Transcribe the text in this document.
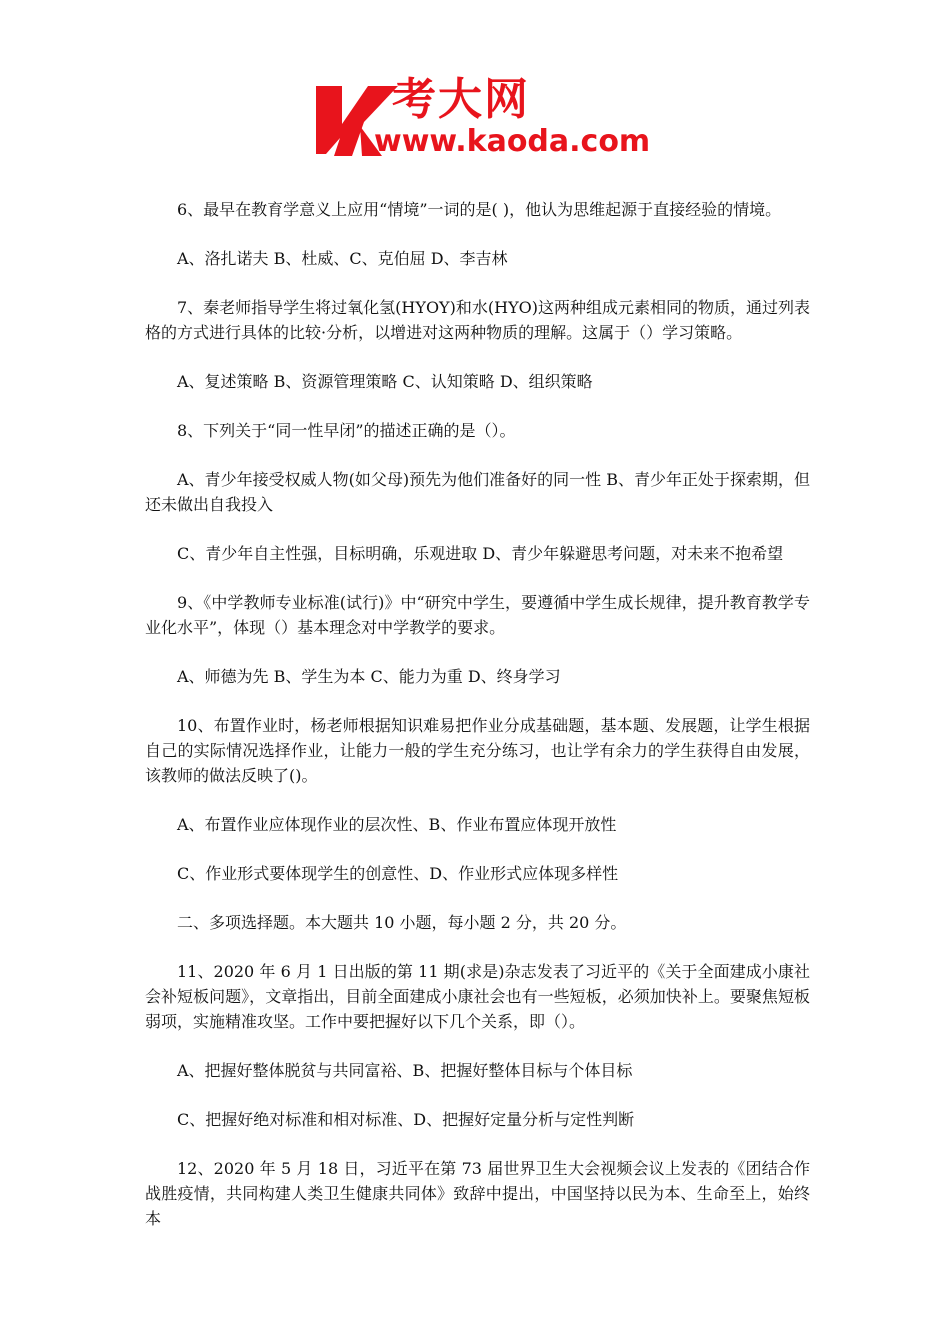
考大网
www.kaoda.com

6、最早在教育学意义上应用“情境”一词的是( )，他认为思维起源于直接经验的情境。

A、洛扎诺夫 B、杜威、C、克伯屈 D、李吉林

7、秦老师指导学生将过氧化氢(HYOY)和水(HYO)这两种组成元素相同的物质，通过列表格的方式进行具体的比较·分析，以增进对这两种物质的理解。这属于（）学习策略。

A、复述策略 B、资源管理策略 C、认知策略 D、组织策略

8、下列关于“同一性早闭”的描述正确的是（）。

A、青少年接受权威人物(如父母)预先为他们准备好的同一性 B、青少年正处于探索期，但还未做出自我投入

C、青少年自主性强，目标明确，乐观进取 D、青少年躲避思考问题，对未来不抱希望

9、《中学教师专业标准(试行)》中“研究中学生，要遵循中学生成长规律，提升教育教学专业化水平”，体现（）基本理念对中学教学的要求。

A、师德为先 B、学生为本 C、能力为重 D、终身学习

10、布置作业时，杨老师根据知识难易把作业分成基础题，基本题、发展题，让学生根据自己的实际情况选择作业，让能力一般的学生充分练习，也让学有余力的学生获得自由发展，该教师的做法反映了()。

A、布置作业应体现作业的层次性、B、作业布置应体现开放性

C、作业形式要体现学生的创意性、D、作业形式应体现多样性

二、多项选择题。本大题共 10 小题，每小题 2 分，共 20 分。

11、2020 年 6 月 1 日出版的第 11 期(求是)杂志发表了习近平的《关于全面建成小康社会补短板问题》，文章指出，目前全面建成小康社会也有一些短板，必须加快补上。要聚焦短板弱项，实施精准攻坚。工作中要把握好以下几个关系，即（）。

A、把握好整体脱贫与共同富裕、B、把握好整体目标与个体目标

C、把握好绝对标准和相对标准、D、把握好定量分析与定性判断

12、2020 年 5 月 18 日，习近平在第 73 届世界卫生大会视频会议上发表的《团结合作战胜疫情，共同构建人类卫生健康共同体》致辞中提出，中国坚持以民为本、生命至上，始终本
